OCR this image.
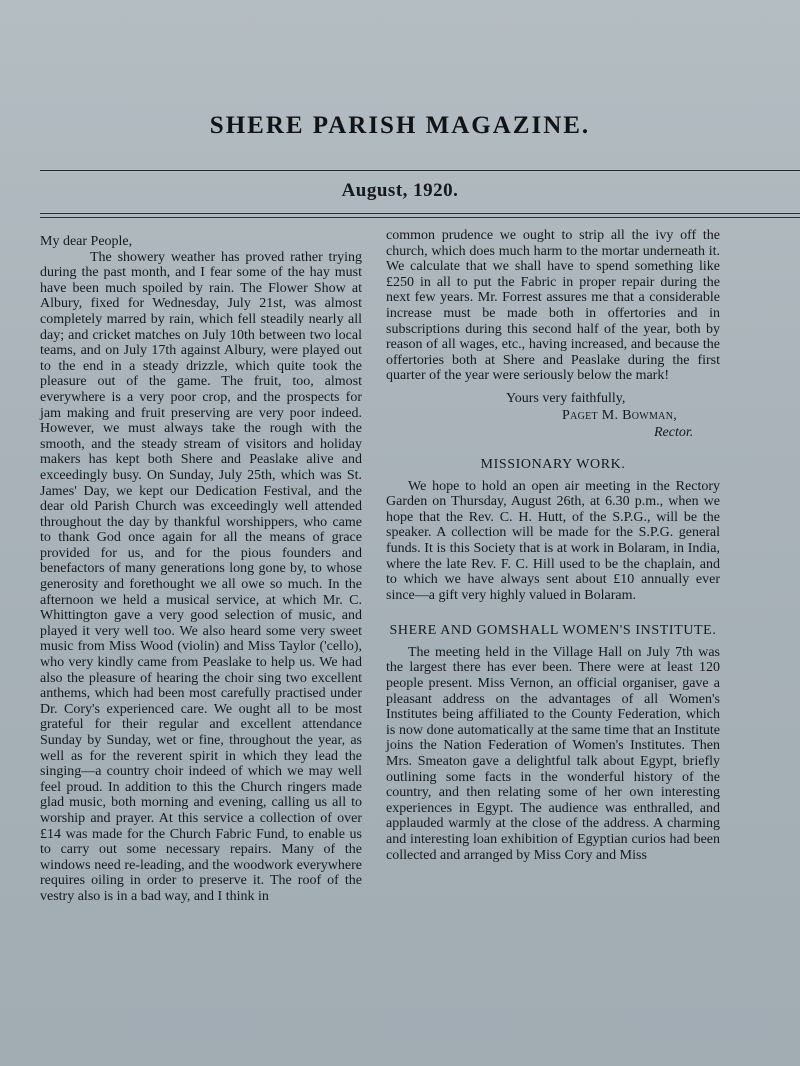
SHERE PARISH MAGAZINE.
August, 1920.

My dear People,

The showery weather has proved rather trying during the past month, and I fear some of the hay must have been much spoiled by rain. The Flower Show at Albury, fixed for Wednesday, July 21st, was almost completely marred by rain, which fell steadily nearly all day; and cricket matches on July 10th between two local teams, and on July 17th against Albury, were played out to the end in a steady drizzle, which quite took the pleasure out of the game. The fruit, too, almost everywhere is a very poor crop, and the prospects for jam making and fruit preserving are very poor indeed. However, we must always take the rough with the smooth, and the steady stream of visitors and holiday makers has kept both Shere and Peaslake alive and exceedingly busy. On Sunday, July 25th, which was St. James' Day, we kept our Dedication Festival, and the dear old Parish Church was exceedingly well attended throughout the day by thankful worshippers, who came to thank God once again for all the means of grace provided for us, and for the pious founders and benefactors of many generations long gone by, to whose generosity and forethought we all owe so much. In the afternoon we held a musical service, at which Mr. C. Whittington gave a very good selection of music, and played it very well too. We also heard some very sweet music from Miss Wood (violin) and Miss Taylor ('cello), who very kindly came from Peaslake to help us. We had also the pleasure of hearing the choir sing two excellent anthems, which had been most carefully practised under Dr. Cory's experienced care. We ought all to be most grateful for their regular and excellent attendance Sunday by Sunday, wet or fine, throughout the year, as well as for the reverent spirit in which they lead the singing—a country choir indeed of which we may well feel proud. In addition to this the Church ringers made glad music, both morning and evening, calling us all to worship and prayer. At this service a collection of over £14 was made for the Church Fabric Fund, to enable us to carry out some necessary repairs. Many of the windows need re-leading, and the woodwork everywhere requires oiling in order to preserve it. The roof of the vestry also is in a bad way, and I think in

common prudence we ought to strip all the ivy off the church, which does much harm to the mortar underneath it. We calculate that we shall have to spend something like £250 in all to put the Fabric in proper repair during the next few years. Mr. Forrest assures me that a considerable increase must be made both in offertories and in subscriptions during this second half of the year, both by reason of all wages, etc., having increased, and because the offertories both at Shere and Peaslake during the first quarter of the year were seriously below the mark!

Yours very faithfully,
Paget M. Bowman,
Rector.
MISSIONARY WORK.

We hope to hold an open air meeting in the Rectory Garden on Thursday, August 26th, at 6.30 p.m., when we hope that the Rev. C. H. Hutt, of the S.P.G., will be the speaker. A collection will be made for the S.P.G. general funds. It is this Society that is at work in Bolaram, in India, where the late Rev. F. C. Hill used to be the chaplain, and to which we have always sent about £10 annually ever since—a gift very highly valued in Bolaram.

SHERE AND GOMSHALL WOMEN'S INSTITUTE.

The meeting held in the Village Hall on July 7th was the largest there has ever been. There were at least 120 people present. Miss Vernon, an official organiser, gave a pleasant address on the advantages of all Women's Institutes being affiliated to the County Federation, which is now done automatically at the same time that an Institute joins the Nation Federation of Women's Institutes. Then Mrs. Smeaton gave a delightful talk about Egypt, briefly outlining some facts in the wonderful history of the country, and then relating some of her own interesting experiences in Egypt. The audience was enthralled, and applauded warmly at the close of the address. A charming and interesting loan exhibition of Egyptian curios had been collected and arranged by Miss Cory and Miss
